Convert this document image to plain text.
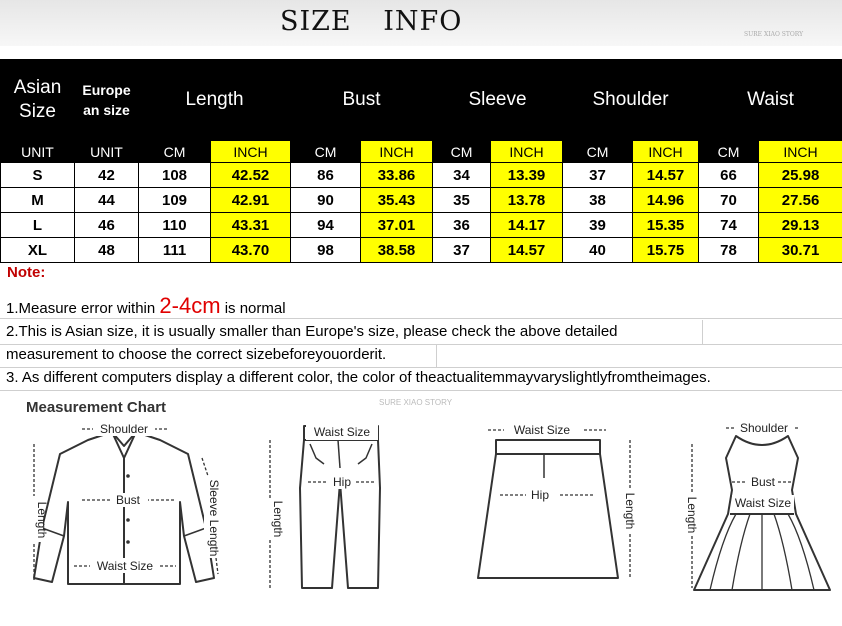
SIZE INFO	SURE XIAO STORY
Asian Size	Europe an size	Length		Bust		Sleeve		Shoulder		Waist	
UNIT	UNIT	CM	INCH	CM	INCH	CM	INCH	CM	INCH	CM	INCH
S	42	108	42.52	86	33.86	34	13.39	37	14.57	66	25.98
M	44	109	42.91	90	35.43	35	13.78	38	14.96	70	27.56
L	46	110	43.31	94	37.01	36	14.17	39	15.35	74	29.13
XL	48	111	43.70	98	38.58	37	14.57	40	15.75	78	30.71
Note:
1.Measure error within 2-4cm is normal
2.This is Asian size, it is usually smaller than Europe's size, please check the above detailed
measurement to choose the correct sizebeforeyouorderit.
3. As different computers display a different color, the color of theactualitemmayvaryslightlyfromtheimages.
Measurement Chart	SURE XIAO STORY
Shoulder
Bust
Waist Size
Length	Sleeve Length
Waist Size
Hip
Length
Waist Size
Hip	Length
Shoulder
Bust
Waist Size
Length
